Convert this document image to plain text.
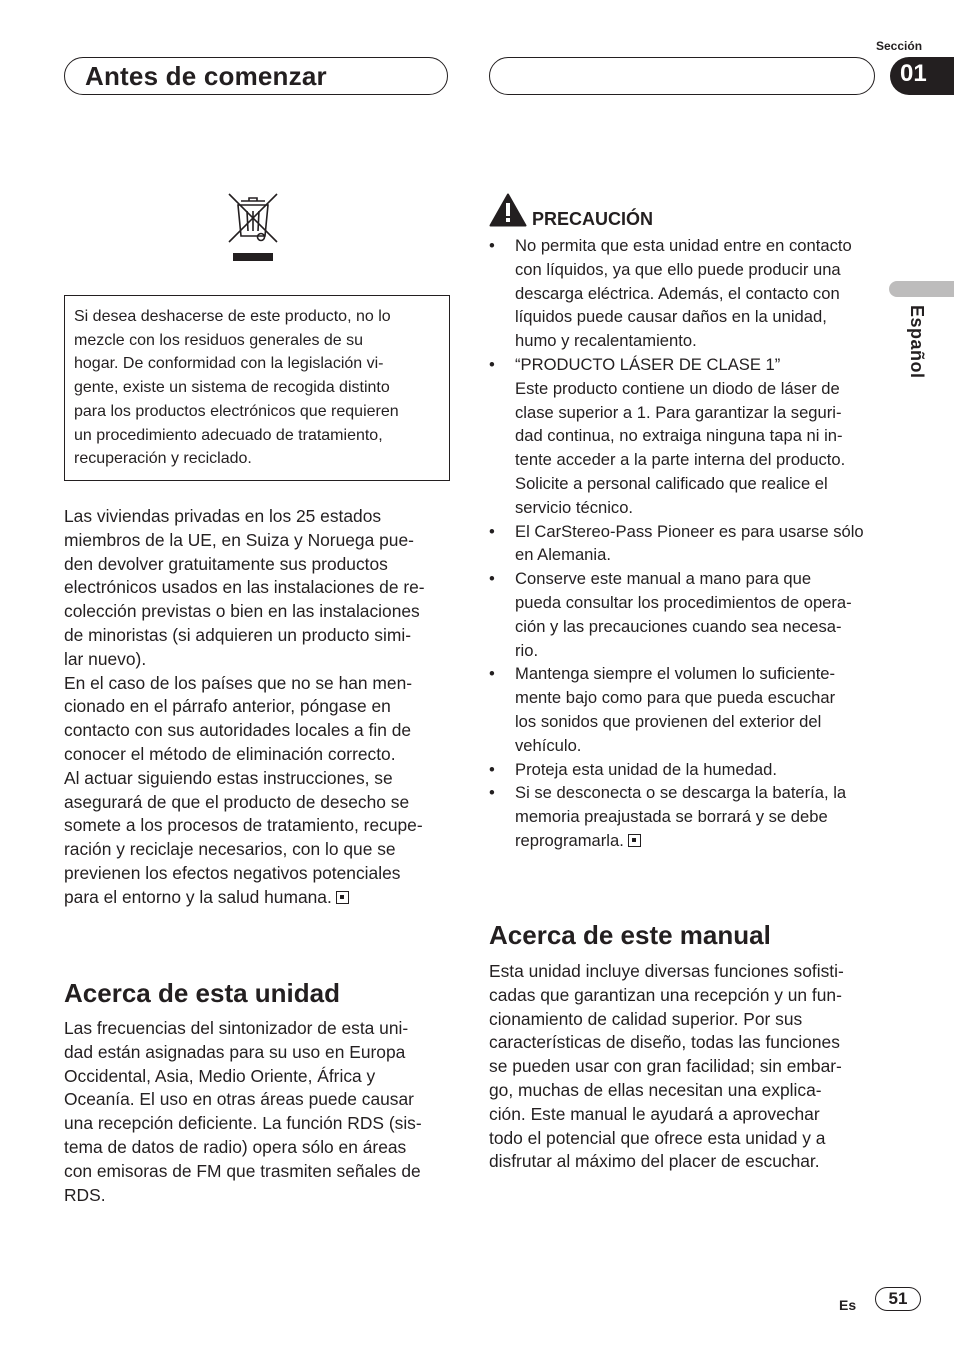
Antes de comenzar
Sección
01
Español
Si desea deshacerse de este producto, no lo
mezcle con los residuos generales de su
hogar. De conformidad con la legislación vi-
gente, existe un sistema de recogida distinto
para los productos electrónicos que requieren
un procedimiento adecuado de tratamiento,
recuperación y reciclado.
Las viviendas privadas en los 25 estados
miembros de la UE, en Suiza y Noruega pue-
den devolver gratuitamente sus productos
electrónicos usados en las instalaciones de re-
colección previstas o bien en las instalaciones
de minoristas (si adquieren un producto simi-
lar nuevo).
En el caso de los países que no se han men-
cionado en el párrafo anterior, póngase en
contacto con sus autoridades locales a fin de
conocer el método de eliminación correcto.
Al actuar siguiendo estas instrucciones, se
asegurará de que el producto de desecho se
somete a los procesos de tratamiento, recupe-
ración y reciclaje necesarios, con lo que se
previenen los efectos negativos potenciales
para el entorno y la salud humana.
Acerca de esta unidad
Las frecuencias del sintonizador de esta uni-
dad están asignadas para su uso en Europa
Occidental, Asia, Medio Oriente, África y
Oceanía. El uso en otras áreas puede causar
una recepción deficiente. La función RDS (sis-
tema de datos de radio) opera sólo en áreas
con emisoras de FM que trasmiten señales de
RDS.
PRECAUCIÓN
• No permita que esta unidad entre en contacto
con líquidos, ya que ello puede producir una
descarga eléctrica. Además, el contacto con
líquidos puede causar daños en la unidad,
humo y recalentamiento.
• “PRODUCTO LÁSER DE CLASE 1”
Este producto contiene un diodo de láser de
clase superior a 1. Para garantizar la seguri-
dad continua, no extraiga ninguna tapa ni in-
tente acceder a la parte interna del producto.
Solicite a personal calificado que realice el
servicio técnico.
• El CarStereo-Pass Pioneer es para usarse sólo
en Alemania.
• Conserve este manual a mano para que
pueda consultar los procedimientos de opera-
ción y las precauciones cuando sea necesa-
rio.
• Mantenga siempre el volumen lo suficiente-
mente bajo como para que pueda escuchar
los sonidos que provienen del exterior del
vehículo.
• Proteja esta unidad de la humedad.
• Si se desconecta o se descarga la batería, la
memoria preajustada se borrará y se debe
reprogramarla.
Acerca de este manual
Esta unidad incluye diversas funciones sofisti-
cadas que garantizan una recepción y un fun-
cionamiento de calidad superior. Por sus
características de diseño, todas las funciones
se pueden usar con gran facilidad; sin embar-
go, muchas de ellas necesitan una explica-
ción. Este manual le ayudará a aprovechar
todo el potencial que ofrece esta unidad y a
disfrutar al máximo del placer de escuchar.
Es	51
